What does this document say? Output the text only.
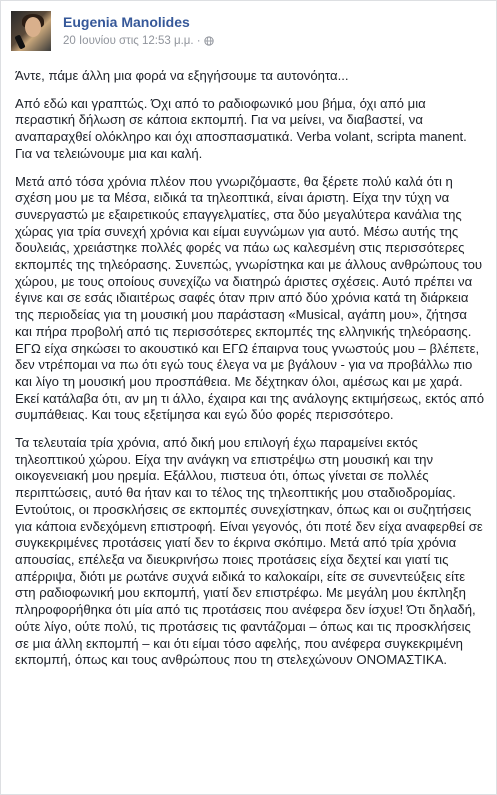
Eugenia Manolides
20 Ιουνίου στις 12:53 μ.μ. ·

Άντε, πάμε άλλη μια φορά να εξηγήσουμε τα αυτονόητα...

Από εδώ και γραπτώς. Όχι από το ραδιοφωνικό μου βήμα, όχι από μια περαστική δήλωση σε κάποια εκπομπή. Για να μείνει, να διαβαστεί, να αναπαραχθεί ολόκληρο και όχι αποσπασματικά. Verba volant, scripta manent. Για να τελειώνουμε μια και καλή.

Μετά από τόσα χρόνια πλέον που γνωριζόμαστε, θα ξέρετε πολύ καλά ότι η σχέση μου με τα Μέσα, ειδικά τα τηλεοπτικά, είναι άριστη. Είχα την τύχη να συνεργαστώ με εξαιρετικούς επαγγελματίες, στα δύο μεγαλύτερα κανάλια της χώρας για τρία συνεχή χρόνια και είμαι ευγνώμων για αυτό. Μέσω αυτής της δουλειάς, χρειάστηκε πολλές φορές να πάω ως καλεσμένη στις περισσότερες εκπομπές της τηλεόρασης. Συνεπώς, γνωρίστηκα και με άλλους ανθρώπους του χώρου, με τους οποίους συνεχίζω να διατηρώ άριστες σχέσεις. Αυτό πρέπει να έγινε και σε εσάς ιδιαιτέρως σαφές όταν πριν από δύο χρόνια κατά τη διάρκεια της περιοδείας για τη μουσική μου παράσταση «Musical, αγάπη μου», ζήτησα και πήρα προβολή από τις περισσότερες εκπομπές της ελληνικής τηλεόρασης. ΕΓΩ είχα σηκώσει το ακουστικό και ΕΓΩ έπαιρνα τους γνωστούς μου – βλέπετε, δεν ντρέπομαι να πω ότι εγώ τους έλεγα να με βγάλουν - για να προβάλλω πιο και λίγο τη μουσική μου προσπάθεια. Με δέχτηκαν όλοι, αμέσως και με χαρά. Εκεί κατάλαβα ότι, αν μη τι άλλο, έχαιρα και της ανάλογης εκτιμήσεως, εκτός από συμπάθειας. Και τους εξετίμησα και εγώ δύο φορές περισσότερο.

Τα τελευταία τρία χρόνια, από δική μου επιλογή έχω παραμείνει εκτός τηλεοπτικού χώρου. Είχα την ανάγκη να επιστρέψω στη μουσική και την οικογενειακή μου ηρεμία. Εξάλλου, πιστευα ότι, όπως γίνεται σε πολλές περιπτώσεις, αυτό θα ήταν και το τέλος της τηλεοπτικής μου σταδιοδρομίας. Εντούτοις, οι προσκλήσεις σε εκπομπές συνεχίστηκαν, όπως και οι συζητήσεις για κάποια ενδεχόμενη επιστροφή. Είναι γεγονός, ότι ποτέ δεν είχα αναφερθεί σε συγκεκριμένες προτάσεις γιατί δεν το έκρινα σκόπιμο. Μετά από τρία χρόνια απουσίας, επέλεξα να διευκρινήσω ποιες προτάσεις είχα δεχτεί και γιατί τις απέρριψα, διότι με ρωτάνε συχνά ειδικά το καλοκαίρι, είτε σε συνεντεύξεις είτε στη ραδιοφωνική μου εκπομπή, γιατί δεν επιστρέφω. Με μεγάλη μου έκπληξη πληροφορήθηκα ότι μία από τις προτάσεις που ανέφερα δεν ίσχυε! Ότι δηλαδή, ούτε λίγο, ούτε πολύ, τις προτάσεις τις φαντάζομαι – όπως και τις προσκλήσεις σε μια άλλη εκπομπή – και ότι είμαι τόσο αφελής, που ανέφερα συγκεκριμένη εκπομπή, όπως και τους ανθρώπους που τη στελεχώνουν ΟΝΟΜΑΣΤΙΚΑ.
